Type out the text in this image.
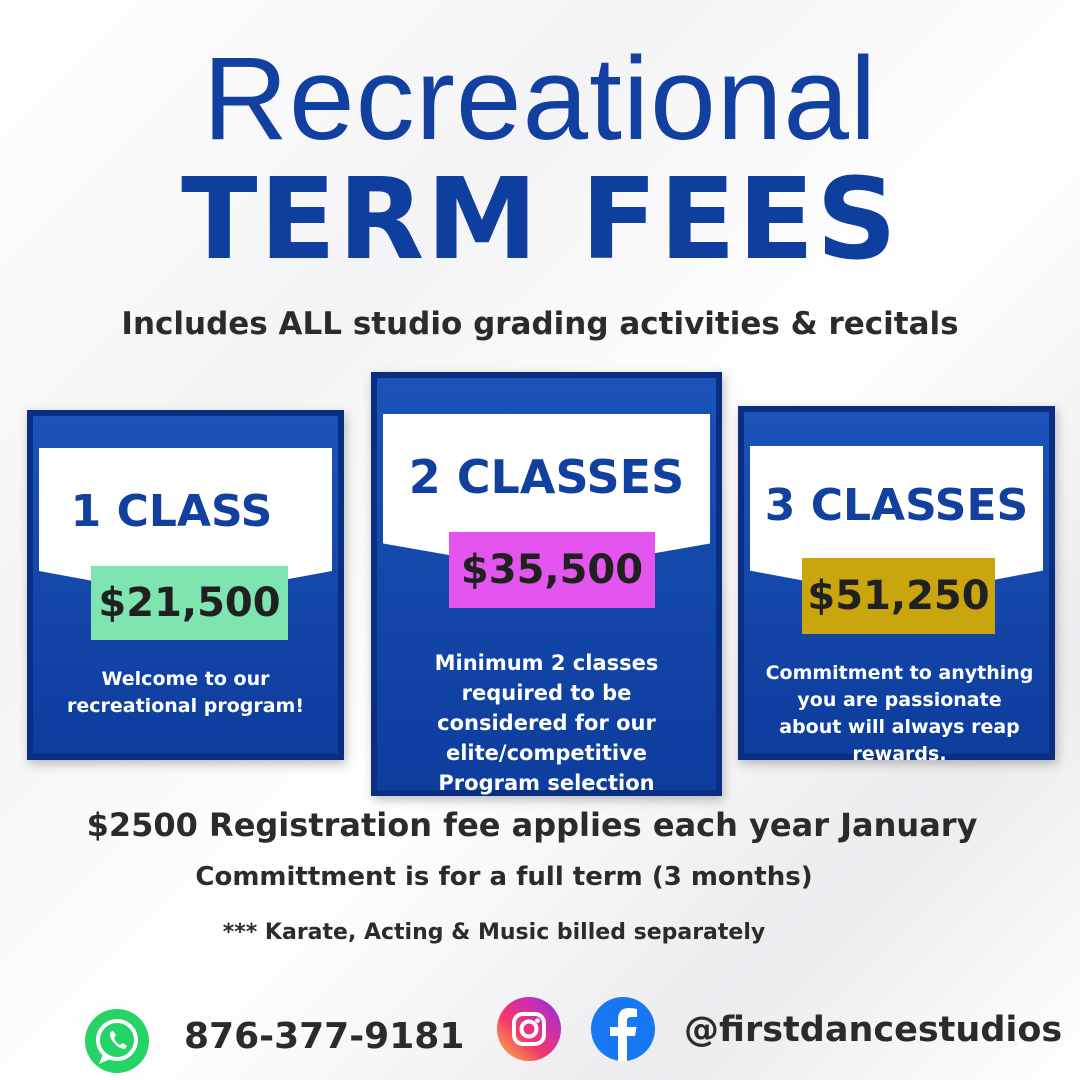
Recreational
TERM FEES
Includes ALL studio grading activities & recitals
1 CLASS
$21,500
Welcome to our recreational program!
2 CLASSES
$35,500
Minimum 2 classes required to be considered for our elite/competitive Program selection
3 CLASSES
$51,250
Commitment to anything you are passionate about will always reap rewards.
$2500 Registration fee applies each year January
Committment is for a full term (3 months)
*** Karate, Acting & Music billed separately
876-377-9181	@firstdancestudios
